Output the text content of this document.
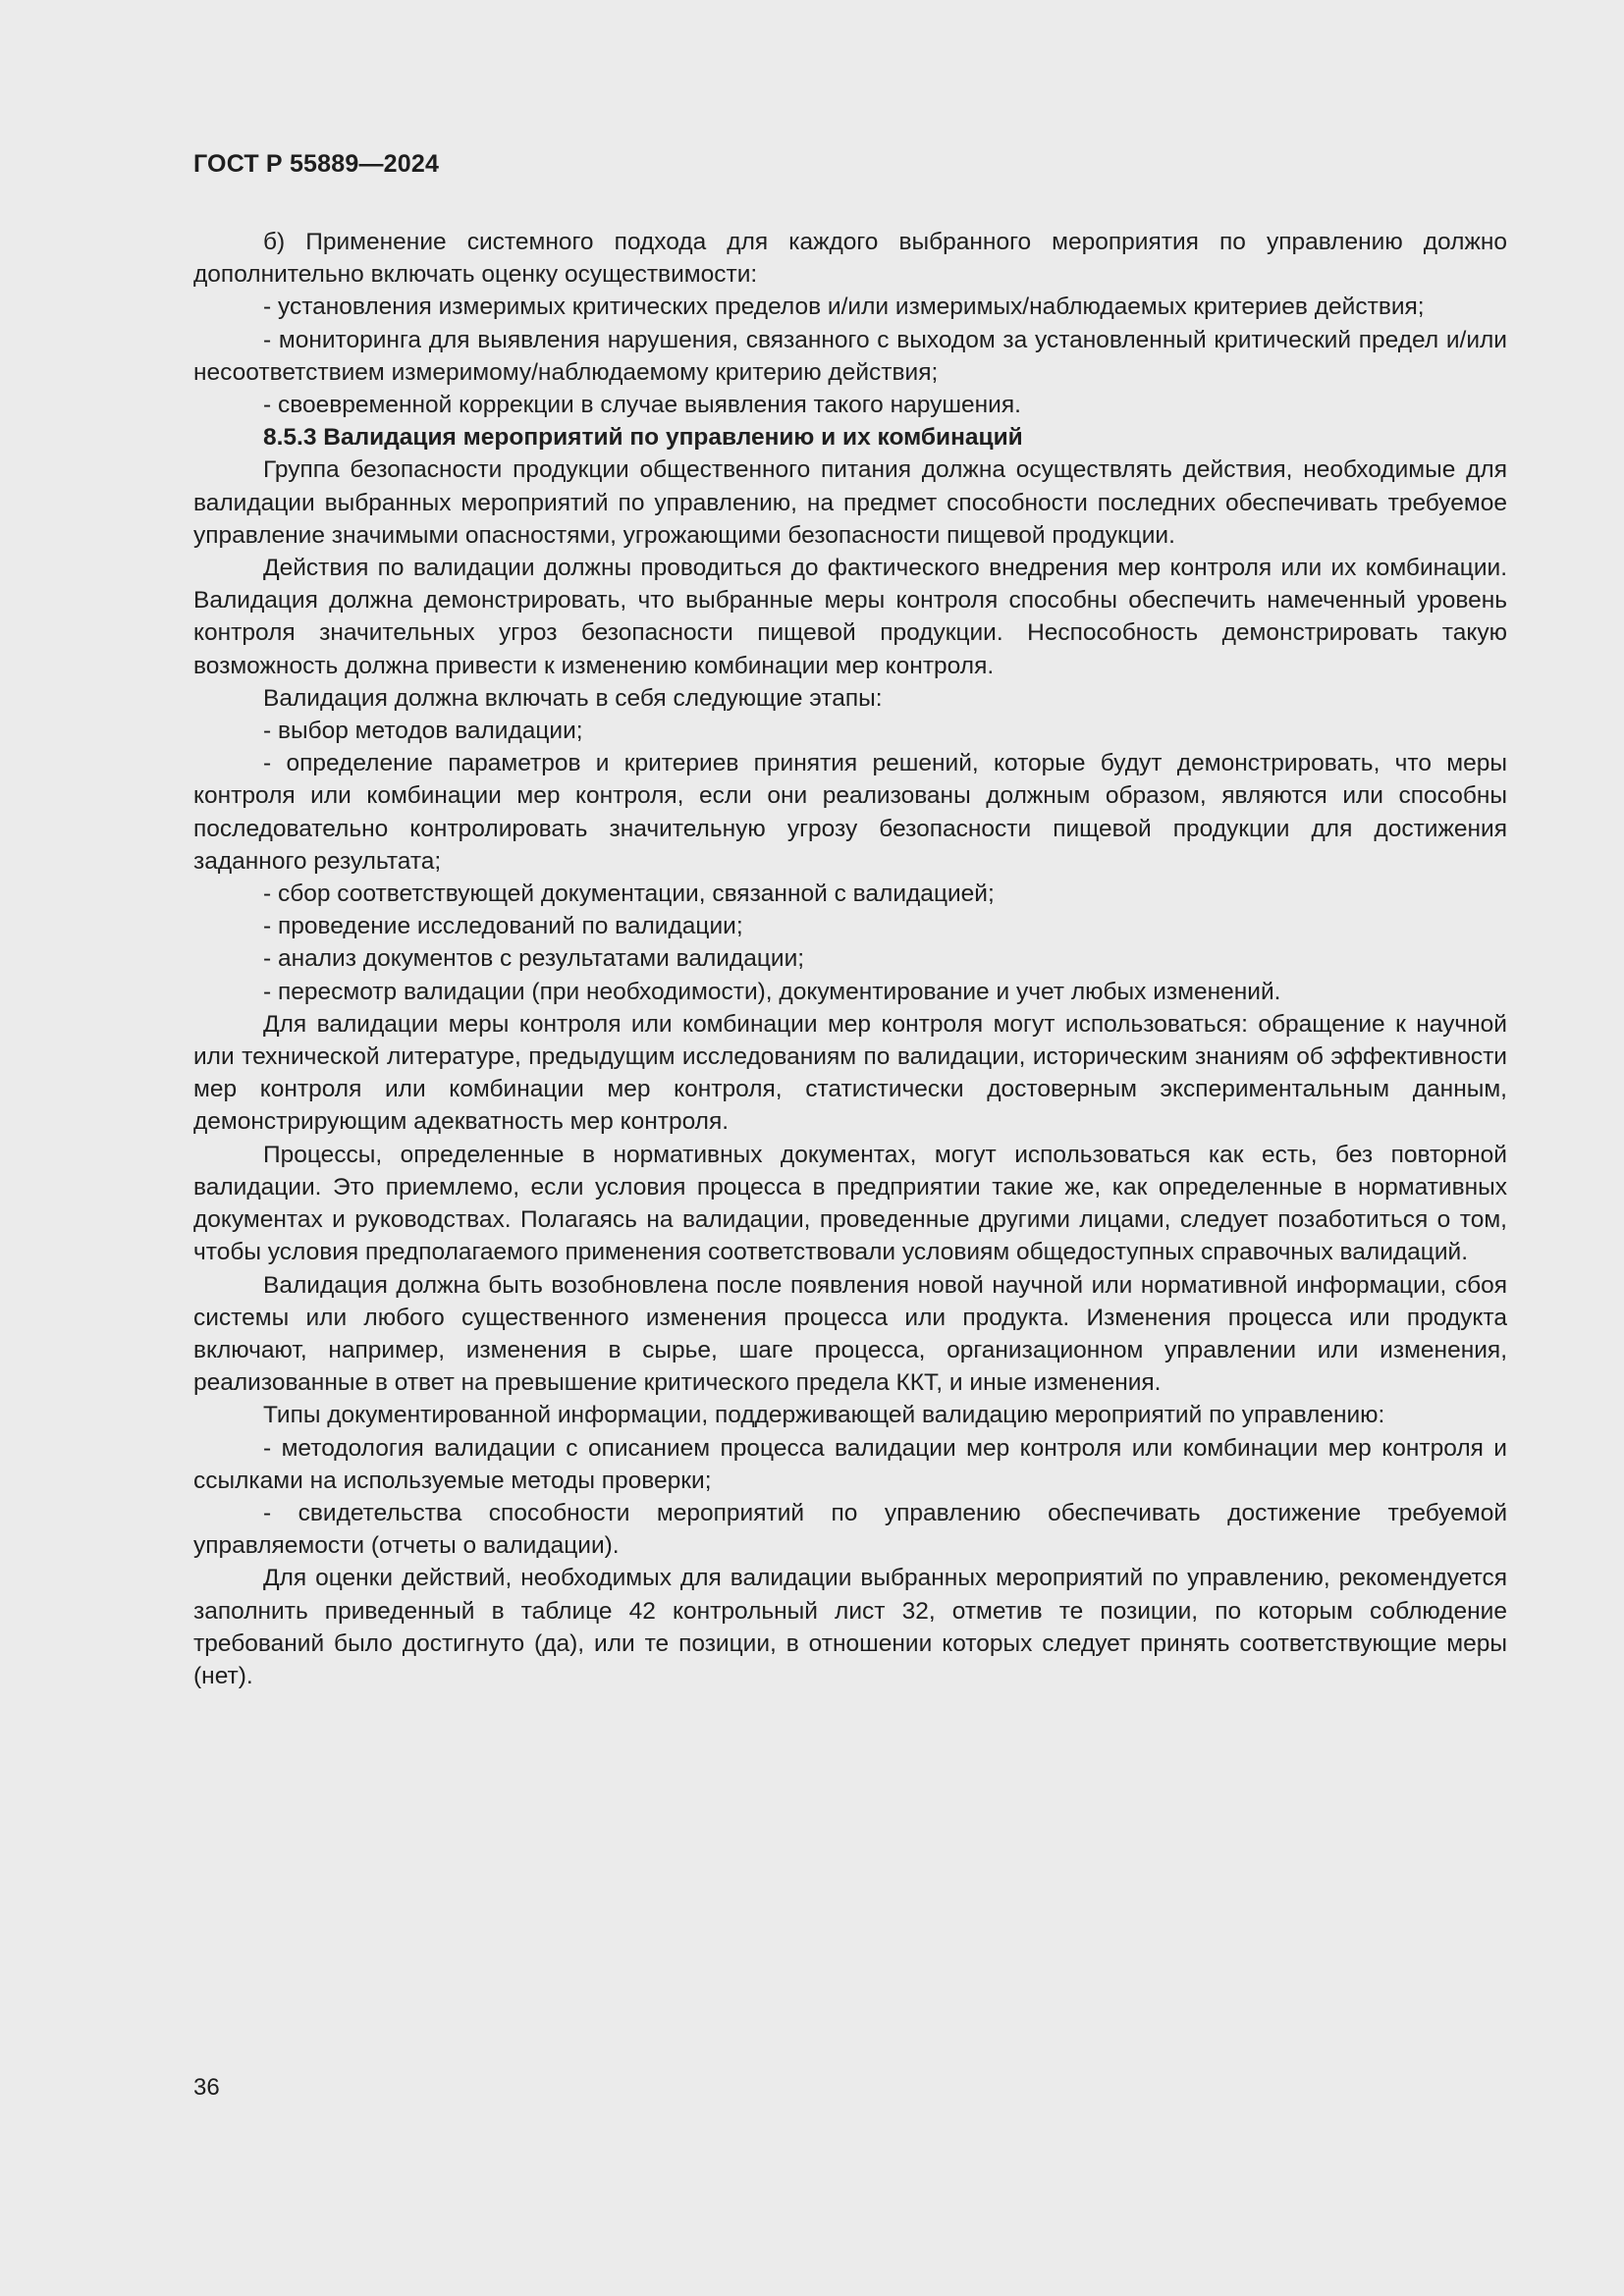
ГОСТ Р 55889—2024

б) Применение системного подхода для каждого выбранного мероприятия по управлению должно дополнительно включать оценку осуществимости:

- установления измеримых критических пределов и/или измеримых/наблюдаемых критериев действия;

- мониторинга для выявления нарушения, связанного с выходом за установленный критический предел и/или несоответствием измеримому/наблюдаемому критерию действия;

- своевременной коррекции в случае выявления такого нарушения.

8.5.3 Валидация мероприятий по управлению и их комбинаций

Группа безопасности продукции общественного питания должна осуществлять действия, необходимые для валидации выбранных мероприятий по управлению, на предмет способности последних обеспечивать требуемое управление значимыми опасностями, угрожающими безопасности пищевой продукции.

Действия по валидации должны проводиться до фактического внедрения мер контроля или их комбинации. Валидация должна демонстрировать, что выбранные меры контроля способны обеспечить намеченный уровень контроля значительных угроз безопасности пищевой продукции. Неспособность демонстрировать такую возможность должна привести к изменению комбинации мер контроля.

Валидация должна включать в себя следующие этапы:

- выбор методов валидации;

- определение параметров и критериев принятия решений, которые будут демонстрировать, что меры контроля или комбинации мер контроля, если они реализованы должным образом, являются или способны последовательно контролировать значительную угрозу безопасности пищевой продукции для достижения заданного результата;

- сбор соответствующей документации, связанной с валидацией;

- проведение исследований по валидации;

- анализ документов с результатами валидации;

- пересмотр валидации (при необходимости), документирование и учет любых изменений.

Для валидации меры контроля или комбинации мер контроля могут использоваться: обращение к научной или технической литературе, предыдущим исследованиям по валидации, историческим знаниям об эффективности мер контроля или комбинации мер контроля, статистически достоверным экспериментальным данным, демонстрирующим адекватность мер контроля.

Процессы, определенные в нормативных документах, могут использоваться как есть, без повторной валидации. Это приемлемо, если условия процесса в предприятии такие же, как определенные в нормативных документах и руководствах. Полагаясь на валидации, проведенные другими лицами, следует позаботиться о том, чтобы условия предполагаемого применения соответствовали условиям общедоступных справочных валидаций.

Валидация должна быть возобновлена после появления новой научной или нормативной информации, сбоя системы или любого существенного изменения процесса или продукта. Изменения процесса или продукта включают, например, изменения в сырье, шаге процесса, организационном управлении или изменения, реализованные в ответ на превышение критического предела ККТ, и иные изменения.

Типы документированной информации, поддерживающей валидацию мероприятий по управлению:

- методология валидации с описанием процесса валидации мер контроля или комбинации мер контроля и ссылками на используемые методы проверки;

- свидетельства способности мероприятий по управлению обеспечивать достижение требуемой управляемости (отчеты о валидации).

Для оценки действий, необходимых для валидации выбранных мероприятий по управлению, рекомендуется заполнить приведенный в таблице 42 контрольный лист 32, отметив те позиции, по которым соблюдение требований было достигнуто (да), или те позиции, в отношении которых следует принять соответствующие меры (нет).

36
